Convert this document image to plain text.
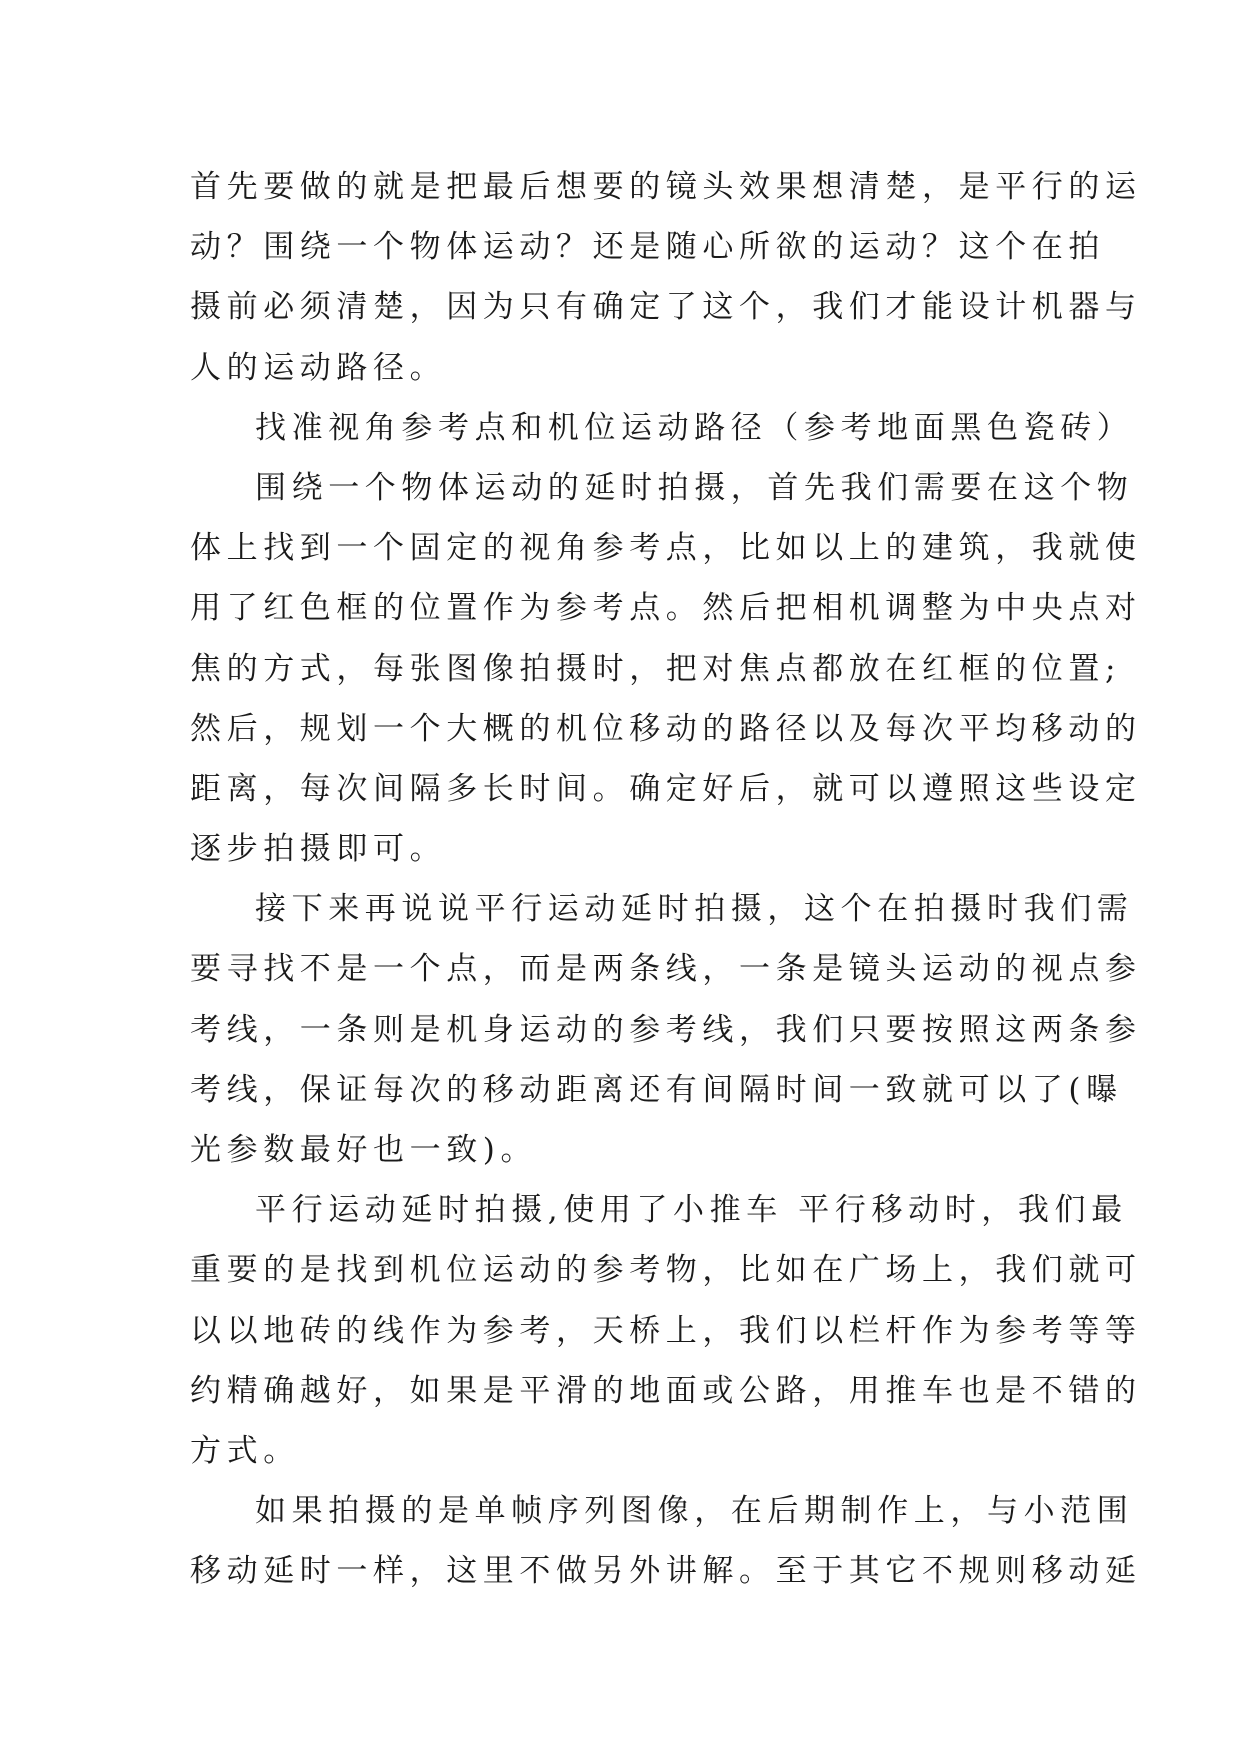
首先要做的就是把最后想要的镜头效果想清楚，是平行的运
动？围绕一个物体运动？还是随心所欲的运动？这个在拍
摄前必须清楚，因为只有确定了这个，我们才能设计机器与
人的运动路径。
找准视角参考点和机位运动路径（参考地面黑色瓷砖）
围绕一个物体运动的延时拍摄，首先我们需要在这个物
体上找到一个固定的视角参考点，比如以上的建筑，我就使
用了红色框的位置作为参考点。然后把相机调整为中央点对
焦的方式，每张图像拍摄时，把对焦点都放在红框的位置;
然后，规划一个大概的机位移动的路径以及每次平均移动的
距离，每次间隔多长时间。确定好后，就可以遵照这些设定
逐步拍摄即可。
接下来再说说平行运动延时拍摄，这个在拍摄时我们需
要寻找不是一个点，而是两条线，一条是镜头运动的视点参
考线，一条则是机身运动的参考线，我们只要按照这两条参
考线，保证每次的移动距离还有间隔时间一致就可以了(曝
光参数最好也一致)。
平行运动延时拍摄,使用了小推车 平行移动时，我们最
重要的是找到机位运动的参考物，比如在广场上，我们就可
以以地砖的线作为参考，天桥上，我们以栏杆作为参考等等
约精确越好，如果是平滑的地面或公路，用推车也是不错的
方式。
如果拍摄的是单帧序列图像，在后期制作上，与小范围
移动延时一样，这里不做另外讲解。至于其它不规则移动延
